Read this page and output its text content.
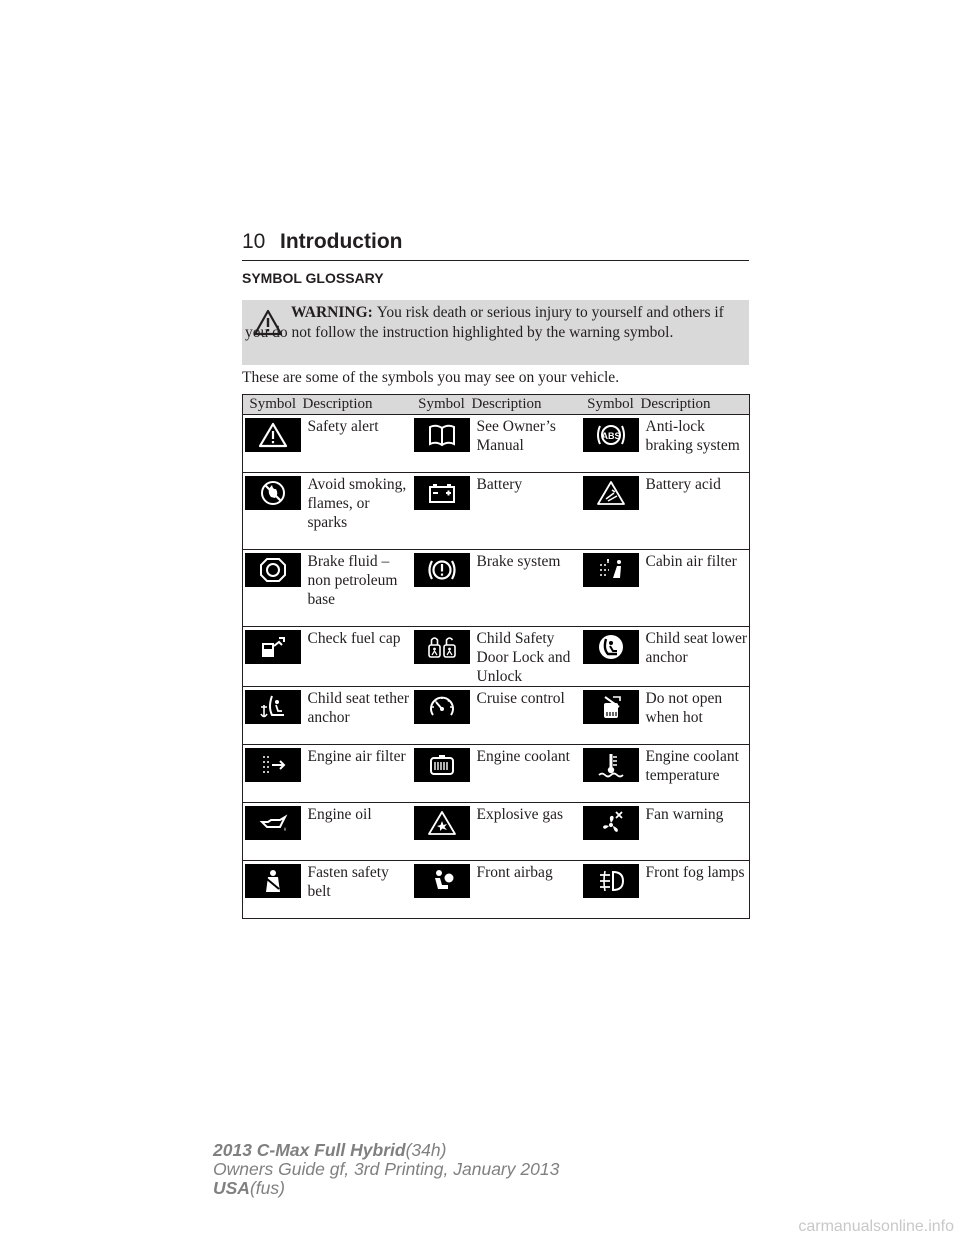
10 Introduction
SYMBOL GLOSSARY
WARNING: You risk death or serious injury to yourself and others if you do not follow the instruction highlighted by the warning symbol.
These are some of the symbols you may see on your vehicle.
Symbol	Description	Symbol	Description	Symbol	Description

	Safety alert		See Owner’s Manual	ABS	Anti-lock braking system

	Avoid smoking, flames, or sparks		Battery		Battery acid

	Brake fluid – non petroleum base		Brake system		Cabin air filter

	Check fuel cap		Child Safety Door Lock and Unlock		Child seat lower anchor

	Child seat tether anchor		Cruise control		Do not open when hot

	Engine air filter		Engine coolant		Engine coolant temperature

	Engine oil		Explosive gas		Fan warning

	Fasten safety belt		Front airbag		Front fog lamps
2013 C-Max Full Hybrid(34h)
Owners Guide gf, 3rd Printing, January 2013
USA(fus)
carmanualsonline.info
